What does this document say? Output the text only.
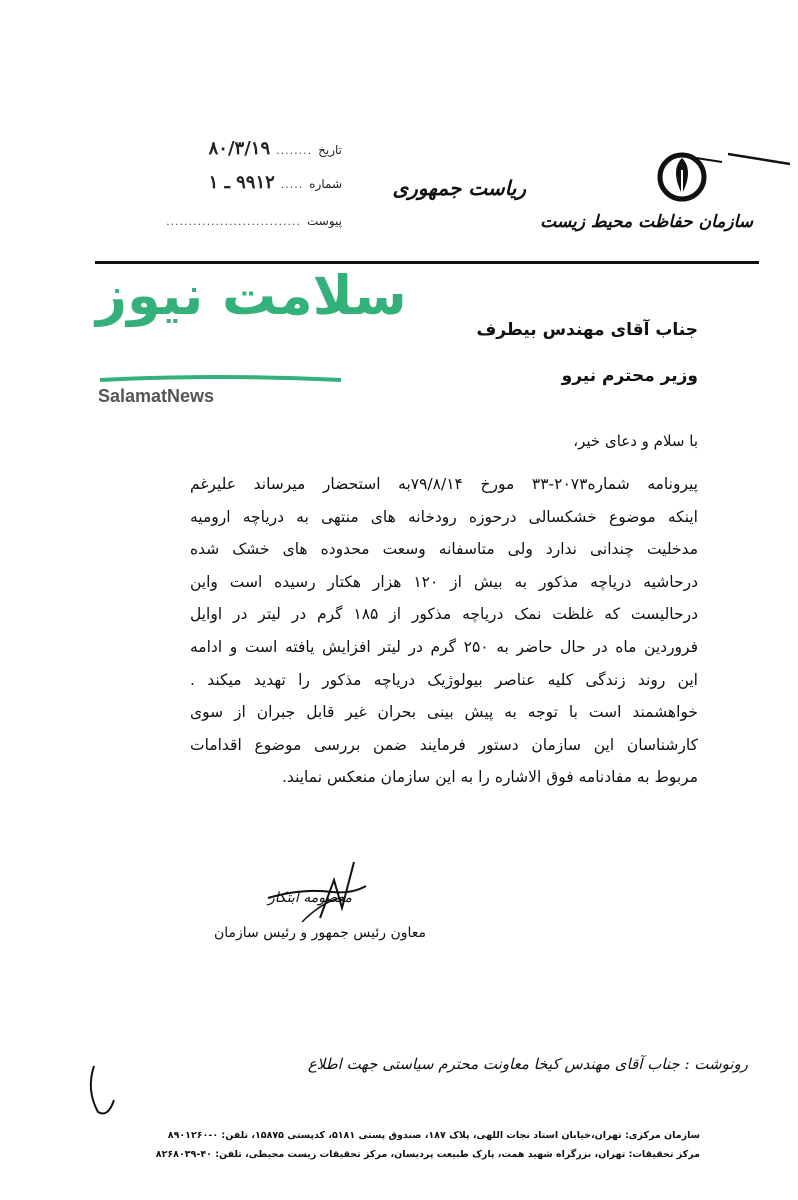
تاریخ
........
۸۰/۳/۱۹
شماره
.....
۹۹۱۲ ـ ۱
پیوست
..............................
ریاست جمهوری
سازمان حفاظت محیط زیست
سلامت نیوز
SalamatNews
جناب آقای مهندس بیطرف
وزیر محترم نیرو
با سلام و دعای خیر،
پیرونامه شماره۲۰۷۳-۳۳ مورخ ۷۹/۸/۱۴به استحضار میرساند علیرغم
اینکه موضوع خشکسالی درحوزه رودخانه های منتهی به دریاچه ارومیه
مدخلیت چندانی ندارد ولی متاسفانه وسعت محدوده های خشک شده
درحاشیه دریاچه مذکور به بیش از ۱۲۰ هزار هکتار رسیده است واین
درحالیست که غلظت نمک دریاچه مذکور از ۱۸۵ گرم در لیتر در اوایل
فروردین ماه در حال حاضر به ۲۵۰ گرم در لیتر افزایش یافته است و ادامه
این روند زندگی کلیه عناصر بیولوژیک دریاچه مذکور را تهدید میکند .
خواهشمند است با توجه به پیش بینی بحران غیر قابل جبران از سوی
کارشناسان این سازمان دستور فرمایند ضمن بررسی موضوع اقدامات
مربوط به مفادنامه فوق الاشاره را به این سازمان منعکس نمایند.
معصومه ابتکار
معاون رئیس جمهور و رئیس سازمان
رونوشت : جناب آقای مهندس کیخا معاونت محترم سیاستی جهت اطلاع
سازمان مرکزی: تهران،خیابان استاد نجات اللهی، پلاک ۱۸۷، صندوق پستی ۵۱۸۱، کدپستی ۱۵۸۷۵، تلفن: ۰-۸۹۰۱۲۶۰
مرکز تحقیقات: تهران، بزرگراه شهید همت، پارک طبیعت پردیسان، مرکز تحقیقات زیست محیطی، تلفن: ۴۰-۸۲۶۸۰۳۹
